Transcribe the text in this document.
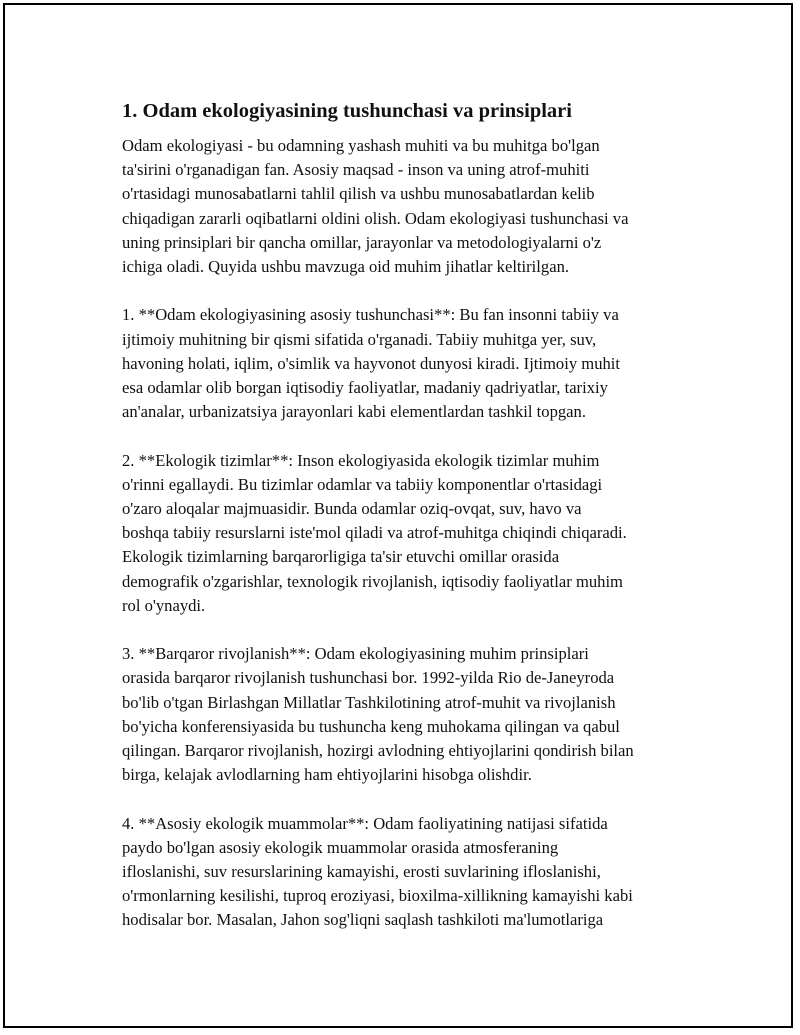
1. Odam ekologiyasining tushunchasi va prinsiplari

Odam ekologiyasi - bu odamning yashash muhiti va bu muhitga bo'lgan
ta'sirini o'rganadigan fan. Asosiy maqsad - inson va uning atrof-muhiti
o'rtasidagi munosabatlarni tahlil qilish va ushbu munosabatlardan kelib
chiqadigan zararli oqibatlarni oldini olish. Odam ekologiyasi tushunchasi va
uning prinsiplari bir qancha omillar, jarayonlar va metodologiyalarni o'z
ichiga oladi. Quyida ushbu mavzuga oid muhim jihatlar keltirilgan.

1. **Odam ekologiyasining asosiy tushunchasi**: Bu fan insonni tabiiy va
ijtimoiy muhitning bir qismi sifatida o'rganadi. Tabiiy muhitga yer, suv,
havoning holati, iqlim, o'simlik va hayvonot dunyosi kiradi. Ijtimoiy muhit
esa odamlar olib borgan iqtisodiy faoliyatlar, madaniy qadriyatlar, tarixiy
an'analar, urbanizatsiya jarayonlari kabi elementlardan tashkil topgan.

2. **Ekologik tizimlar**: Inson ekologiyasida ekologik tizimlar muhim
o'rinni egallaydi. Bu tizimlar odamlar va tabiiy komponentlar o'rtasidagi
o'zaro aloqalar majmuasidir. Bunda odamlar oziq-ovqat, suv, havo va
boshqa tabiiy resurslarni iste'mol qiladi va atrof-muhitga chiqindi chiqaradi.
Ekologik tizimlarning barqarorligiga ta'sir etuvchi omillar orasida
demografik o'zgarishlar, texnologik rivojlanish, iqtisodiy faoliyatlar muhim
rol o'ynaydi.

3. **Barqaror rivojlanish**: Odam ekologiyasining muhim prinsiplari
orasida barqaror rivojlanish tushunchasi bor. 1992-yilda Rio de-Janeyroda
bo'lib o'tgan Birlashgan Millatlar Tashkilotining atrof-muhit va rivojlanish
bo'yicha konferensiyasida bu tushuncha keng muhokama qilingan va qabul
qilingan. Barqaror rivojlanish, hozirgi avlodning ehtiyojlarini qondirish bilan
birga, kelajak avlodlarning ham ehtiyojlarini hisobga olishdir.

4. **Asosiy ekologik muammolar**: Odam faoliyatining natijasi sifatida
paydo bo'lgan asosiy ekologik muammolar orasida atmosferaning
ifloslanishi, suv resurslarining kamayishi, erosti suvlarining ifloslanishi,
o'rmonlarning kesilishi, tuproq eroziyasi, bioxilma-xillikning kamayishi kabi
hodisalar bor. Masalan, Jahon sog'liqni saqlash tashkiloti ma'lumotlariga
